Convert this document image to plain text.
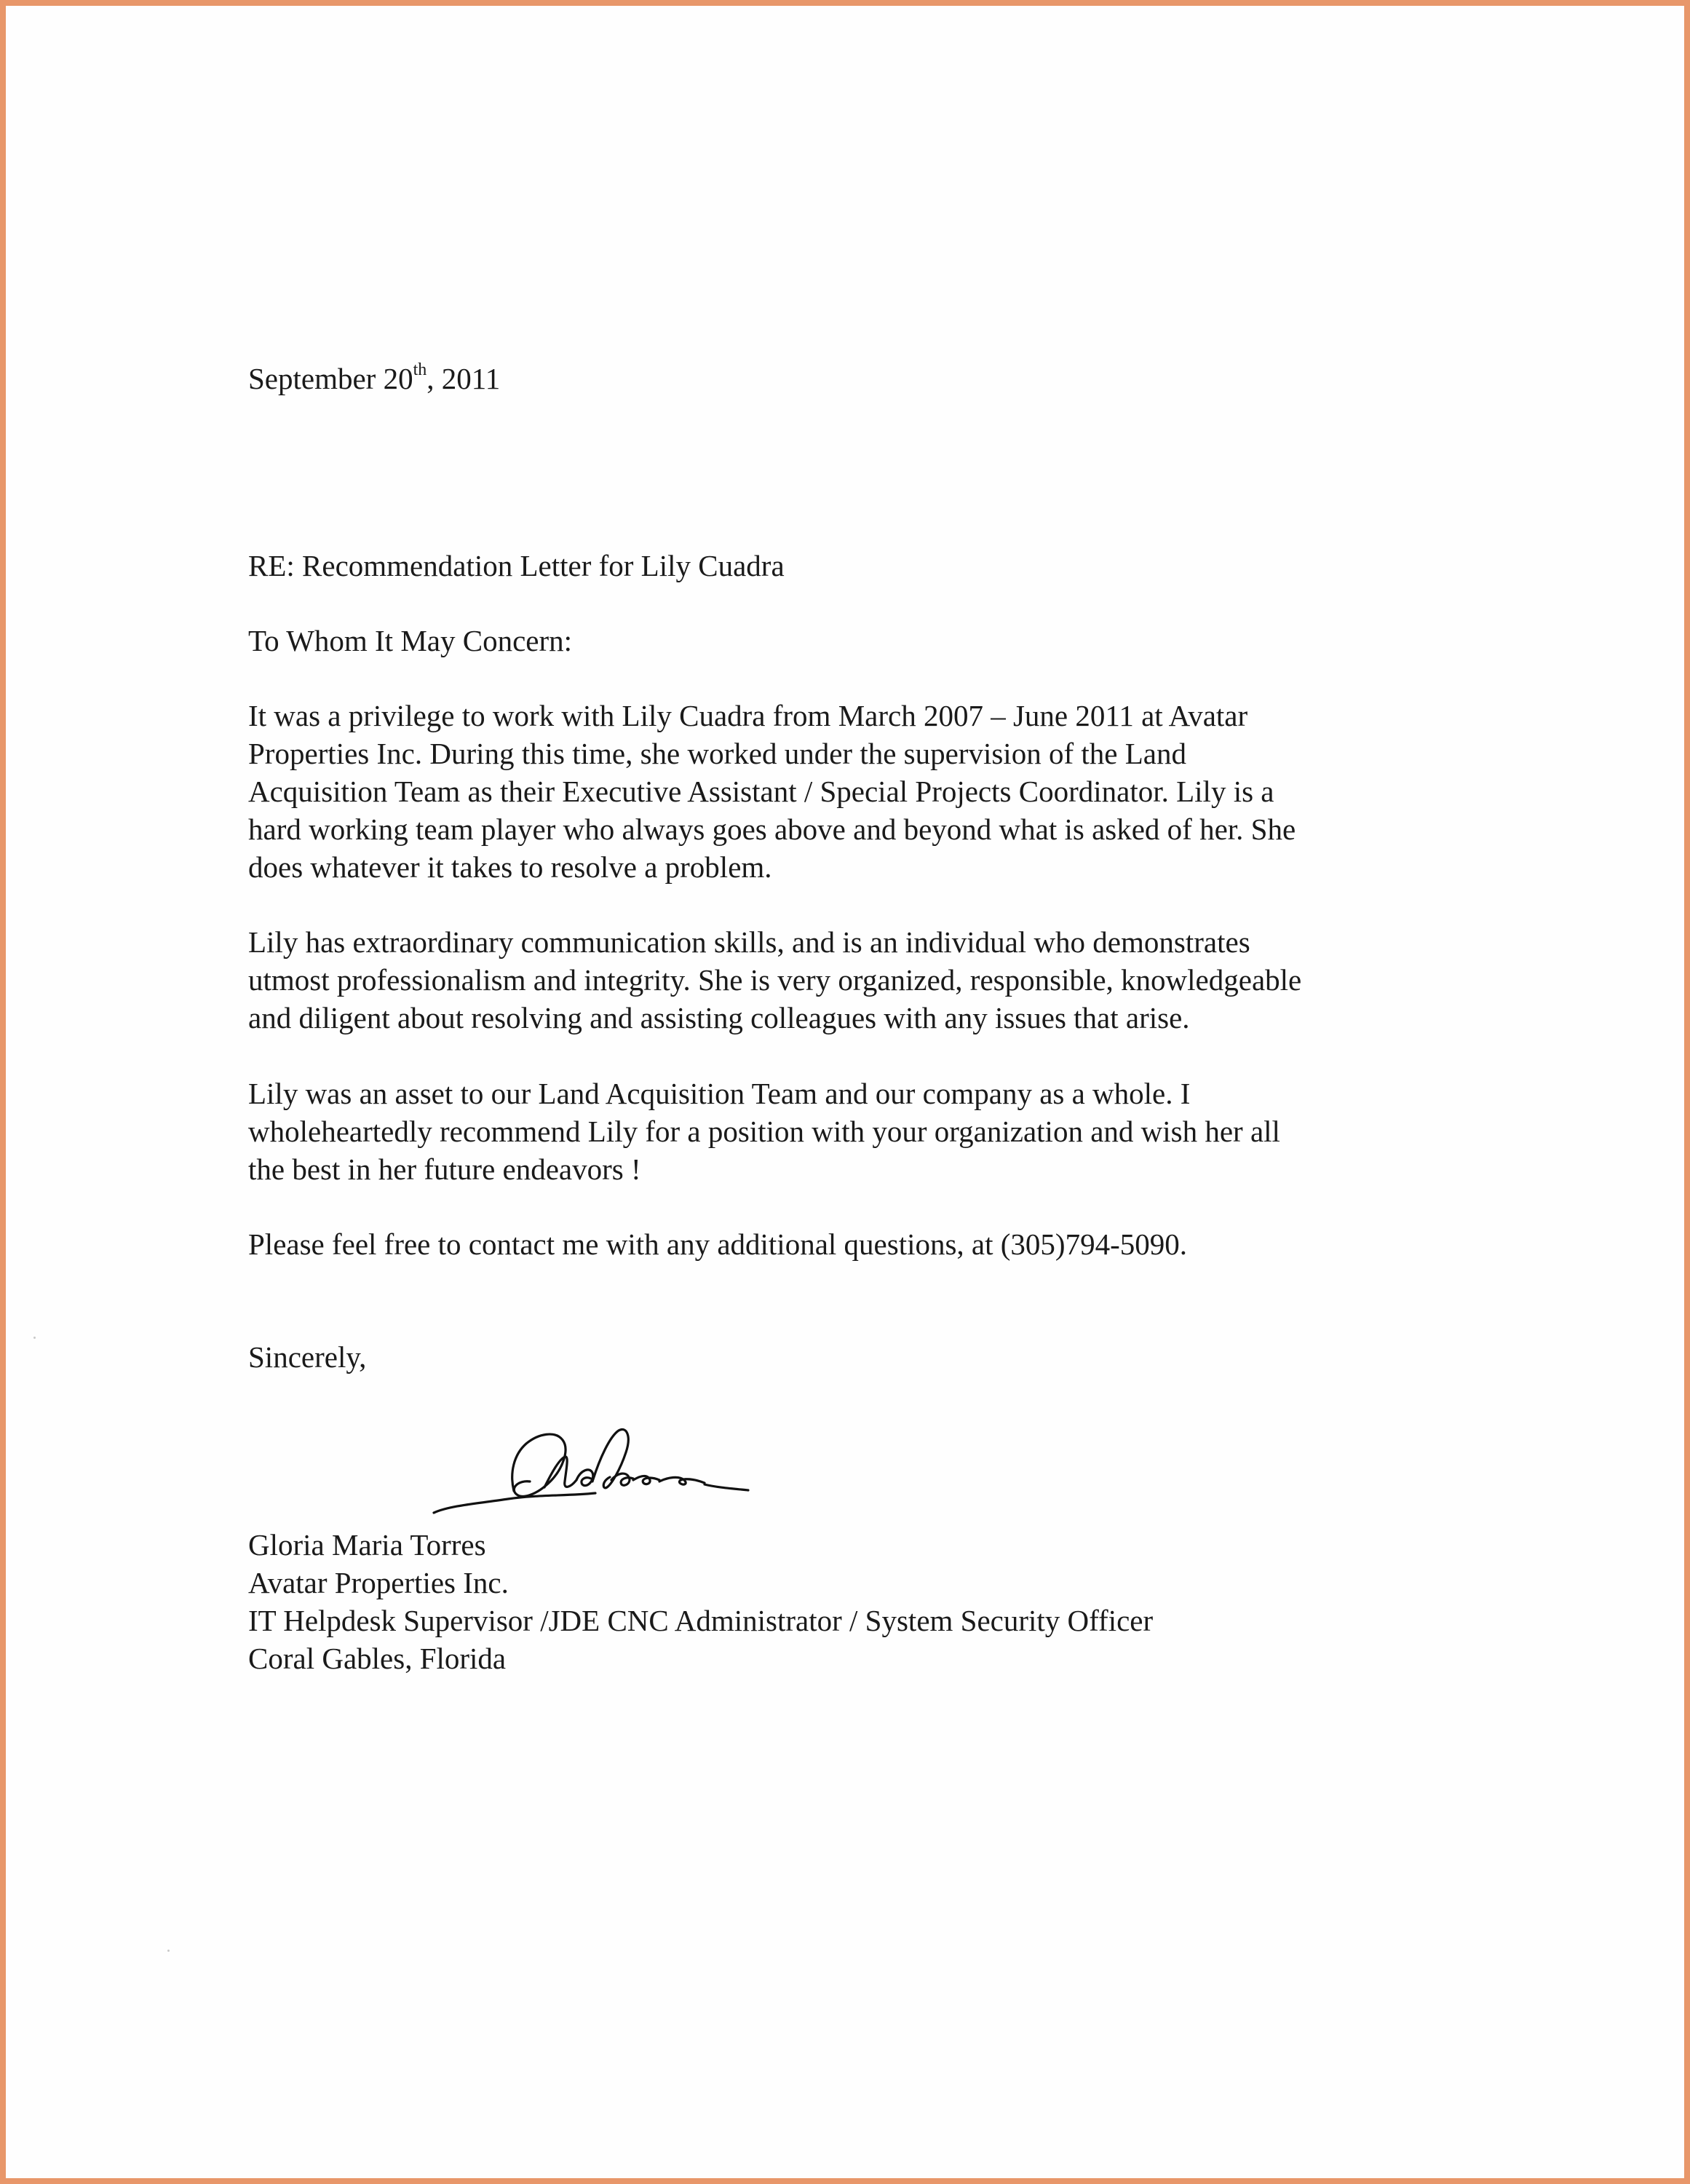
September 20th, 2011
RE: Recommendation Letter for Lily Cuadra
To Whom It May Concern:
It was a privilege to work with Lily Cuadra from March 2007 – June 2011 at Avatar
Properties Inc. During this time, she worked under the supervision of the Land
Acquisition Team as their Executive Assistant / Special Projects Coordinator. Lily is a
hard working team player who always goes above and beyond what is asked of her. She
does whatever it takes to resolve a problem.
Lily has extraordinary communication skills, and is an individual who demonstrates
utmost professionalism and integrity. She is very organized, responsible, knowledgeable
and diligent about resolving and assisting colleagues with any issues that arise.
Lily was an asset to our Land Acquisition Team and our company as a whole. I
wholeheartedly recommend Lily for a position with your organization and wish her all
the best in her future endeavors !
Please feel free to contact me with any additional questions, at (305)794-5090.
Sincerely,
Gloria Maria Torres
Avatar Properties Inc.
IT Helpdesk Supervisor /JDE CNC Administrator / System Security Officer
Coral Gables, Florida
